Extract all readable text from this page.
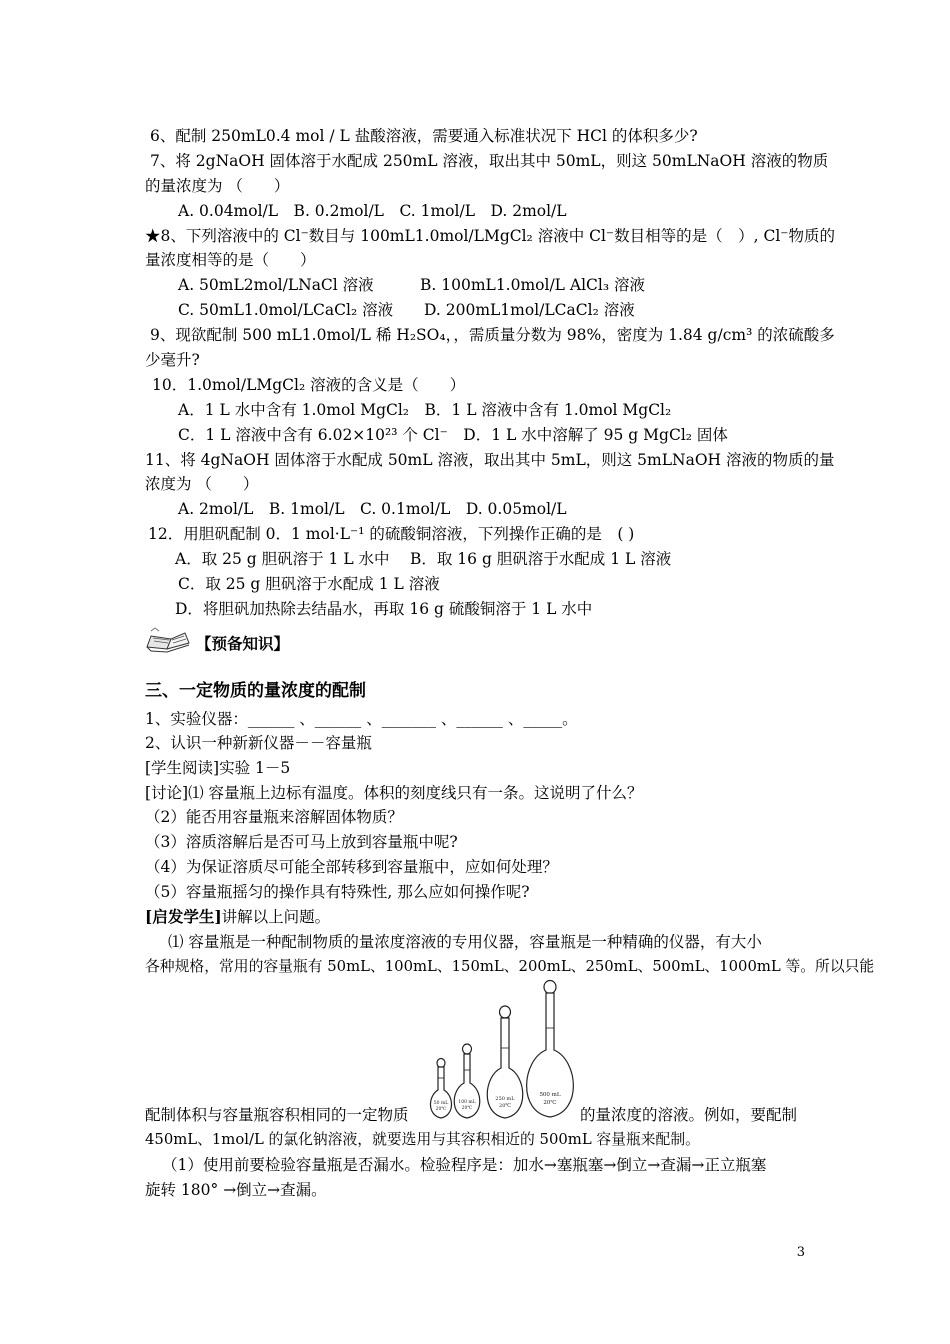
6、配制 250mL0.4 mol / L 盐酸溶液，需要通入标准状况下 HCl 的体积多少?
7、将 2gNaOH 固体溶于水配成 250mL 溶液，取出其中 50mL，则这 50mLNaOH 溶液的物质
的量浓度为 （　　）
A. 0.04mol/L　B. 0.2mol/L　C. 1mol/L　D. 2mol/L
★8、下列溶液中的 Cl⁻数目与 100mL1.0mol/LMgCl₂ 溶液中 Cl⁻数目相等的是（　）, Cl⁻物质的
量浓度相等的是（　　）
A. 50mL2mol/LNaCl 溶液	B. 100mL1.0mol/L AlCl₃ 溶液
C. 50mL1.0mol/LCaCl₂ 溶液 D. 200mL1mol/LCaCl₂ 溶液
9、现欲配制 500 mL1.0mol/L 稀 H₂SO₄，，需质量分数为 98%，密度为 1.84 g/cm³ 的浓硫酸多
少毫升?
10．1.0mol/LMgCl₂ 溶液的含义是（　　）
A．1 L 水中含有 1.0mol MgCl₂　B．1 L 溶液中含有 1.0mol MgCl₂
C．1 L 溶液中含有 6.02×10²³ 个 Cl⁻　D．1 L 水中溶解了 95 g MgCl₂ 固体
11、将 4gNaOH 固体溶于水配成 50mL 溶液，取出其中 5mL，则这 5mLNaOH 溶液的物质的量
浓度为 （　　）
A. 2mol/L　B. 1mol/L　C. 0.1mol/L　D. 0.05mol/L
12．用胆矾配制 0．1 mol·L⁻¹ 的硫酸铜溶液，下列操作正确的是　( )
A．取 25 g 胆矾溶于 1 L 水中　 B．取 16 g 胆矾溶于水配成 1 L 溶液
C．取 25 g 胆矾溶于水配成 1 L 溶液
D．将胆矾加热除去结晶水，再取 16 g 硫酸铜溶于 1 L 水中
【预备知识】
三、一定物质的量浓度的配制
1、实验仪器：______ 、______ 、_______ 、______ 、_____。
2、认识一种新新仪器－－容量瓶
[学生阅读]实验 1－5
[讨论]⑴ 容量瓶上边标有温度。体积的刻度线只有一条。这说明了什么？
（2）能否用容量瓶来溶解固体物质？
（3）溶质溶解后是否可马上放到容量瓶中呢?
（4）为保证溶质尽可能全部转移到容量瓶中，应如何处理？
（5）容量瓶摇匀的操作具有特殊性, 那么应如何操作呢?
[启发学生]讲解以上问题。
⑴ 容量瓶是一种配制物质的量浓度溶液的专用仪器，容量瓶是一种精确的仪器，有大小
各种规格，常用的容量瓶有 50mL、100mL、150mL、200mL、250mL、500mL、1000mL 等。所以只能
50 mL
20℃
100 mL
20℃
250 mL
20℃
500 mL
20℃
配制体积与容量瓶容积相同的一定物质	的量浓度的溶液。例如，要配制
450mL、1mol/L 的氯化钠溶液，就要选用与其容积相近的 500mL 容量瓶来配制。
（1）使用前要检验容量瓶是否漏水。检验程序是：加水→塞瓶塞→倒立→查漏→正立瓶塞
旋转 180° →倒立→查漏。
3
